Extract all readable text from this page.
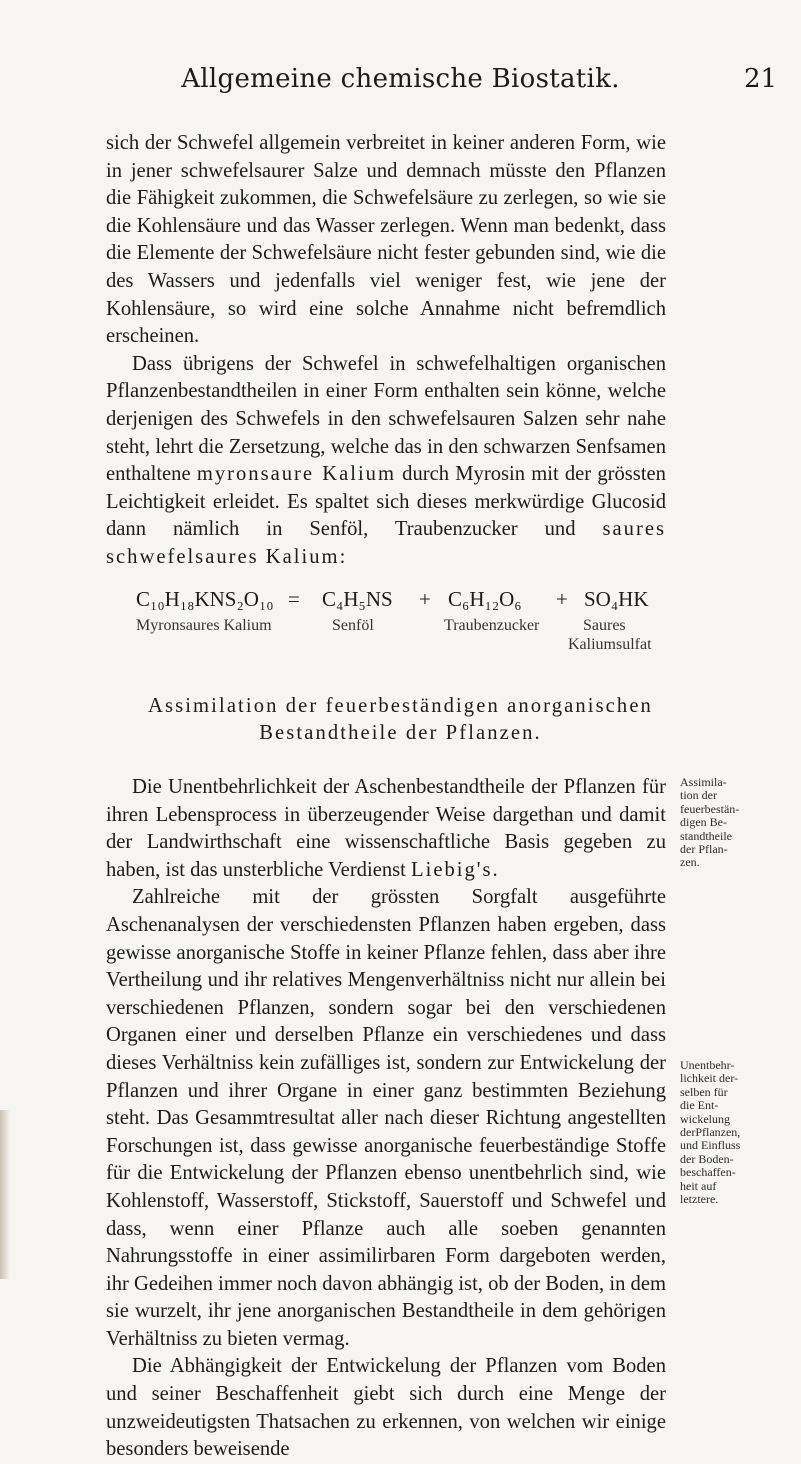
Allgemeine chemische Biostatik.	21

sich der Schwefel allgemein verbreitet in keiner anderen Form, wie in jener schwefelsaurer Salze und demnach müsste den Pflanzen die Fähigkeit zukommen, die Schwefelsäure zu zerlegen, so wie sie die Kohlensäure und das Wasser zerlegen. Wenn man bedenkt, dass die Elemente der Schwefelsäure nicht fester gebunden sind, wie die des Wassers und jedenfalls viel weniger fest, wie jene der Kohlensäure, so wird eine solche Annahme nicht befremdlich erscheinen.

Dass übrigens der Schwefel in schwefelhaltigen organischen Pflanzenbestandtheilen in einer Form enthalten sein könne, welche derjenigen des Schwefels in den schwefelsauren Salzen sehr nahe steht, lehrt die Zersetzung, welche das in den schwarzen Senfsamen enthaltene myronsaure Kalium durch Myrosin mit der grössten Leichtigkeit erleidet. Es spaltet sich dieses merkwürdige Glucosid dann nämlich in Senföl, Traubenzucker und saures schwefelsaures Kalium:

C₁₀H₁₈KNS₂O₁₀ = C₄H₅NS + C₆H₁₂O₆ + SO₄HK
Myronsaures Kalium	Senföl	Traubenzucker	Saures
Kaliumsulfat
Assimilation der feuerbeständigen anorganischen
Bestandtheile der Pflanzen.

Die Unentbehrlichkeit der Aschenbestandtheile der Pflanzen für ihren Lebensprocess in überzeugender Weise dargethan und damit der Landwirthschaft eine wissenschaftliche Basis gegeben zu haben, ist das unsterbliche Verdienst Liebig's.

Zahlreiche mit der grössten Sorgfalt ausgeführte Aschenanalysen der verschiedensten Pflanzen haben ergeben, dass gewisse anorganische Stoffe in keiner Pflanze fehlen, dass aber ihre Vertheilung und ihr relatives Mengenverhältniss nicht nur allein bei verschiedenen Pflanzen, sondern sogar bei den verschiedenen Organen einer und derselben Pflanze ein verschiedenes und dass dieses Verhältniss kein zufälliges ist, sondern zur Entwickelung der Pflanzen und ihrer Organe in einer ganz bestimmten Beziehung steht. Das Gesammtresultat aller nach dieser Richtung angestellten Forschungen ist, dass gewisse anorganische feuerbeständige Stoffe für die Entwickelung der Pflanzen ebenso unentbehrlich sind, wie Kohlenstoff, Wasserstoff, Stickstoff, Sauerstoff und Schwefel und dass, wenn einer Pflanze auch alle soeben genannten Nahrungsstoffe in einer assimilirbaren Form dargeboten werden, ihr Gedeihen immer noch davon abhängig ist, ob der Boden, in dem sie wurzelt, ihr jene anorganischen Bestandtheile in dem gehörigen Verhältniss zu bieten vermag.

Die Abhängigkeit der Entwickelung der Pflanzen vom Boden und seiner Beschaffenheit giebt sich durch eine Menge der unzweideutigsten Thatsachen zu erkennen, von welchen wir einige besonders beweisende

Assimila-
tion der
feuerbestän-
digen Be-
standtheile
der Pflan-
zen.
Unentbehr-
lichkeit der-
selben für
die Ent-
wickelung
derPflanzen,
und Einfluss
der Boden-
beschaffen-
heit auf
letztere.
